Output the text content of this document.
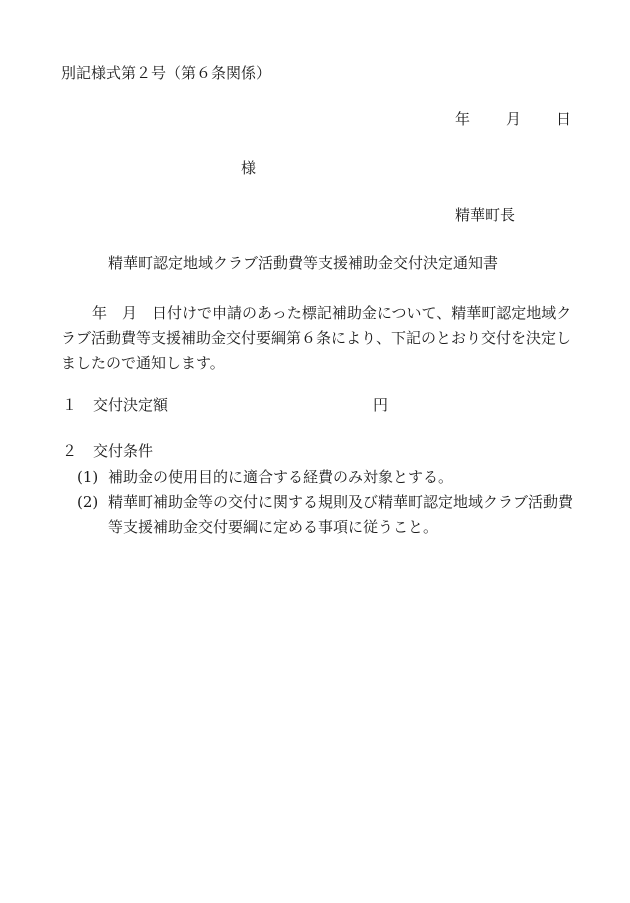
別記様式第２号（第６条関係）
年 月 日
様
精華町長
精華町認定地域クラブ活動費等支援補助金交付決定通知書
年　月　日付けで申請のあった標記補助金について、精華町認定地域クラブ活動費等支援補助金交付要綱第６条により、下記のとおり交付を決定しましたので通知します。
１ 交付決定額	円
２ 交付条件
(1) 補助金の使用目的に適合する経費のみ対象とする。
(2) 精華町補助金等の交付に関する規則及び精華町認定地域クラブ活動費等支援補助金交付要綱に定める事項に従うこと。
